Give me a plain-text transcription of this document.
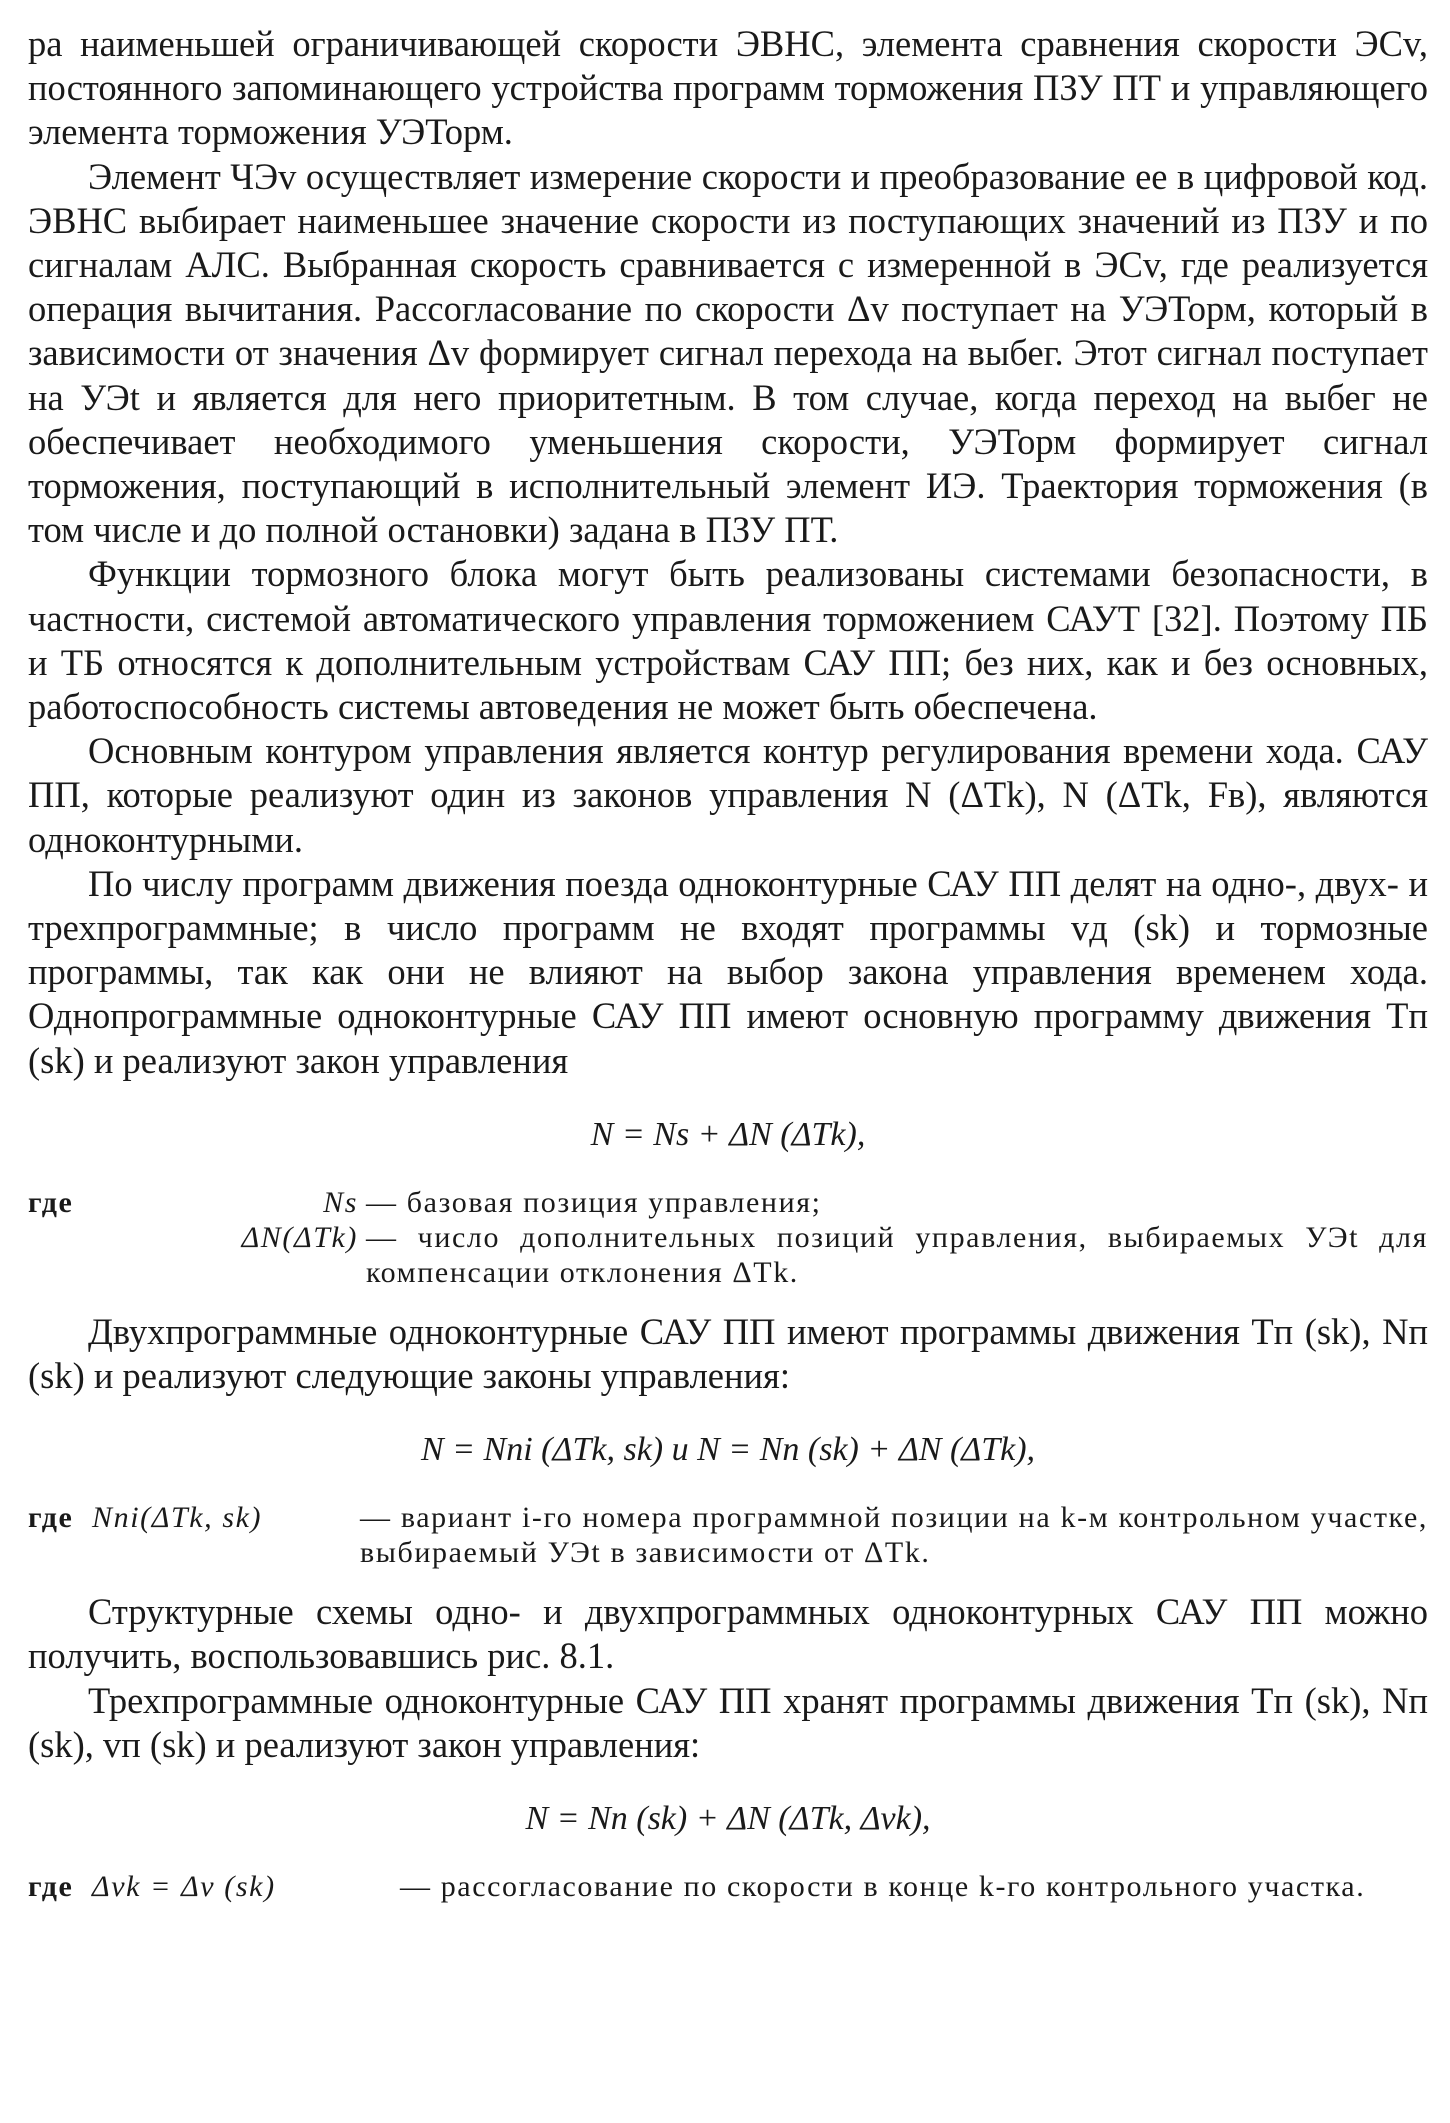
ра наименьшей ограничивающей скорости ЭВНС, элемента сравнения скорости ЭСv, постоянного запоминающего устройства программ торможения ПЗУ ПТ и управляющего элемента торможения УЭТорм.

Элемент ЧЭv осуществляет измерение скорости и преобразование ее в цифровой код. ЭВНС выбирает наименьшее значение скорости из поступающих значений из ПЗУ и по сигналам АЛС. Выбранная скорость сравнивается с измеренной в ЭСv, где реализуется операция вычитания. Рассогласование по скорости Δv поступает на УЭТорм, который в зависимости от значения Δv формирует сигнал перехода на выбег. Этот сигнал поступает на УЭt и является для него приоритетным. В том случае, когда переход на выбег не обеспечивает необходимого уменьшения скорости, УЭТорм формирует сигнал торможения, поступающий в исполнительный элемент ИЭ. Траектория торможения (в том числе и до полной остановки) задана в ПЗУ ПТ.

Функции тормозного блока могут быть реализованы системами безопасности, в частности, системой автоматического управления торможением САУТ [32]. Поэтому ПБ и ТБ относятся к дополнительным устройствам САУ ПП; без них, как и без основных, работоспособность системы автоведения не может быть обеспечена.

Основным контуром управления является контур регулирования времени хода. САУ ПП, которые реализуют один из законов управления N (ΔTk), N (ΔTk, Fв), являются одноконтурными.

По числу программ движения поезда одноконтурные САУ ПП делят на одно-, двух- и трехпрограммные; в число программ не входят программы vд (sk) и тормозные программы, так как они не влияют на выбор закона управления временем хода. Однопрограммные одноконтурные САУ ПП имеют основную программу движения Tп (sk) и реализуют закон управления

N = Ns + ΔN (ΔTk),
где	Ns	— базовая позиция управления;
	ΔN(ΔTk)	— число дополнительных позиций управления, выбираемых УЭt для компенсации отклонения ΔTk.

Двухпрограммные одноконтурные САУ ПП имеют программы движения Tп (sk), Nп (sk) и реализуют следующие законы управления:

N = Nпi (ΔTk, sk) и N = Nп (sk) + ΔN (ΔTk),
где	Nпi(ΔTk, sk)	— вариант i-го номера программной позиции на k-м контрольном участке, выбираемый УЭt в зависимости от ΔTk.

Структурные схемы одно- и двухпрограммных одноконтурных САУ ПП можно получить, воспользовавшись рис. 8.1.

Трехпрограммные одноконтурные САУ ПП хранят программы движения Tп (sk), Nп (sk), vп (sk) и реализуют закон управления:

N = Nп (sk) + ΔN (ΔTk, Δvk),
где	Δvk = Δv (sk)	— рассогласование по скорости в конце k-го контрольного участка.
